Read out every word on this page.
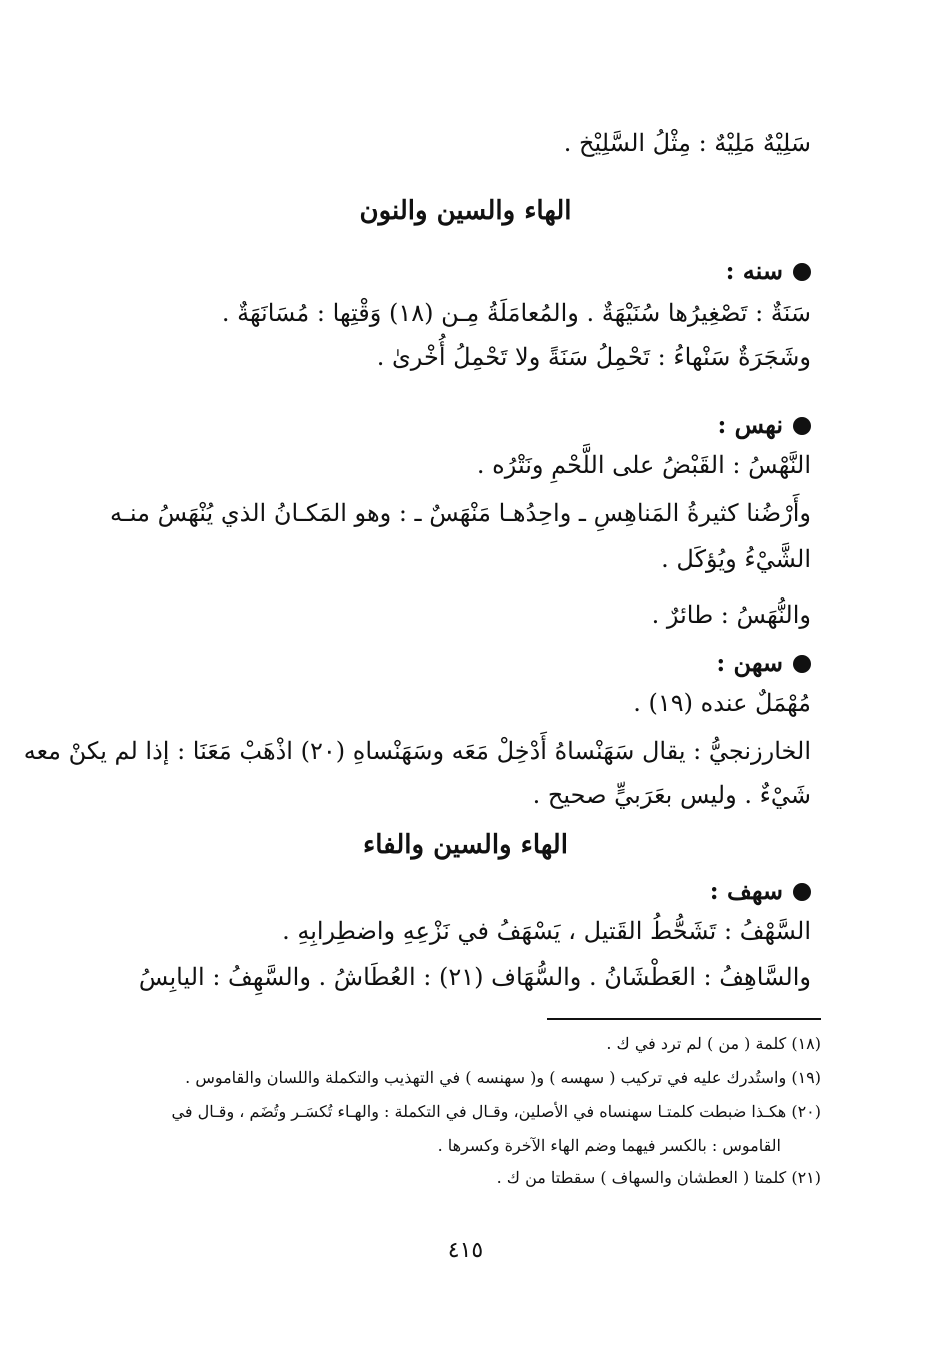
سَلِيْهٌ مَلِيْهٌ : مِثْلُ السَّلِيْخ .
الهاء والسين والنون
سنه :
سَنَةٌ : تَصْغِيرُها سُنَيْهَةٌ . والمُعامَلَةُ مِـن (١٨) وَقْتِها : مُسَانَهَةٌ .
وشَجَرَةٌ سَنْهاءُ : تَحْمِلُ سَنَةً ولا تَحْمِلُ أُخْرىٰ .
نهس :
النَّهْسُ : القَبْضُ على اللَّحْمِ ونَتْرُه .
وأَرْضُنا كثيرةُ المَناهِسِ ـ واحِدُهـا مَنْهَسٌ ـ : وهو المَكـانُ الذي يُنْهَسُ منـه
الشَّيْءُ ويُؤكَل .
والنُّهَسُ : طائرٌ .
سهن :
مُهْمَلٌ عنده (١٩) .
الخارزنجيُّ : يقال سَهَنْساهُ أَدْخِلْ مَعَه وسَهَنْساهِ (٢٠) اذْهَبْ مَعَنَا : إذا لم يكنْ معه
شَيْءٌ . وليس بعَرَبيٍّ صحيح .
الهاء والسين والفاء
سهف :
السَّهْفُ : تَشَحُّطُ القَتيل ، يَسْهَفُ في نَزْعِهِ واضطِرابِهِ .
والسَّاهِفُ : العَطْشَانُ . والسُّهَاف (٢١) : العُطَاشُ . والسَّهِفُ : اليابِسُ
(١٨) كلمة ( من ) لم ترد في ك .
(١٩) واستُدرك عليه في تركيب ( سهسه ) و( سهنسه ) في التهذيب والتكملة واللسان والقاموس .
(٢٠) هكـذا ضبطت كلمتـا سهنساه في الأصلين، وقـال في التكملة : والهـاء تُكسَـر وتُضَم ، وقـال في
القاموس : بالكسر فيهما وضم الهاء الآخرة وكسرها .
(٢١) كلمتا ( العطشان والسهاف ) سقطتا من ك .
٤١٥
